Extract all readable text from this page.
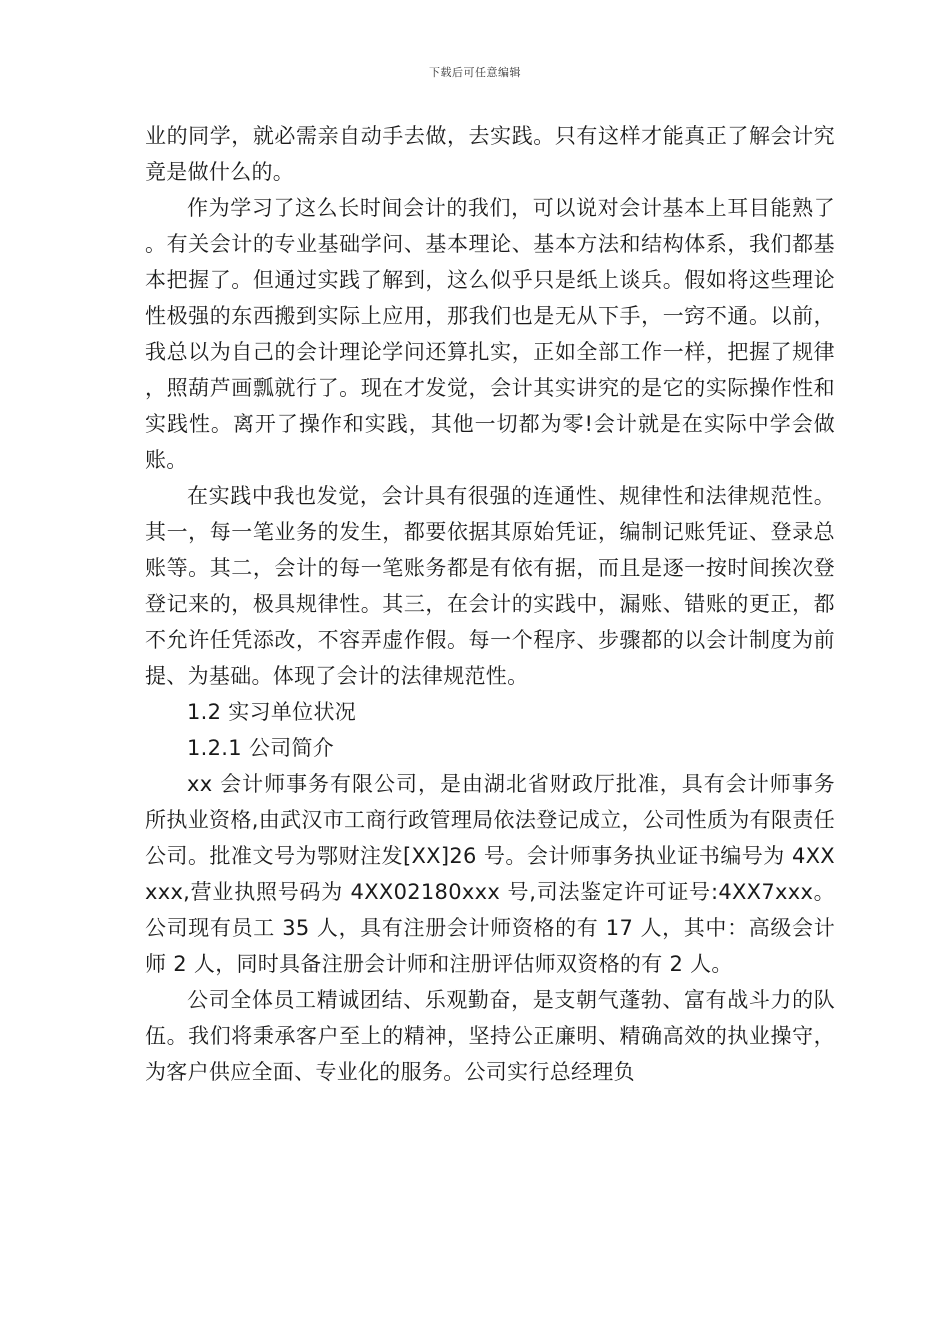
下载后可任意编辑

业的同学，就必需亲自动手去做，去实践。只有这样才能真正了解会计究竟是做什么的。

作为学习了这么长时间会计的我们，可以说对会计基本上耳目能熟了。有关会计的专业基础学问、基本理论、基本方法和结构体系，我们都基本把握了。但通过实践了解到，这么似乎只是纸上谈兵。假如将这些理论性极强的东西搬到实际上应用，那我们也是无从下手，一窍不通。以前，我总以为自己的会计理论学问还算扎实，正如全部工作一样，把握了规律，照葫芦画瓢就行了。现在才发觉，会计其实讲究的是它的实际操作性和实践性。离开了操作和实践，其他一切都为零!会计就是在实际中学会做账。

在实践中我也发觉，会计具有很强的连通性、规律性和法律规范性。其一，每一笔业务的发生，都要依据其原始凭证，编制记账凭证、登录总账等。其二，会计的每一笔账务都是有依有据，而且是逐一按时间挨次登登记来的，极具规律性。其三，在会计的实践中，漏账、错账的更正，都不允许任凭添改，不容弄虚作假。每一个程序、步骤都的以会计制度为前提、为基础。体现了会计的法律规范性。

1.2 实习单位状况

1.2.1 公司简介

xx 会计师事务有限公司，是由湖北省财政厅批准，具有会计师事务所执业资格,由武汉市工商行政管理局依法登记成立，公司性质为有限责任公司。批准文号为鄂财注发[XX]26 号。会计师事务执业证书编号为 4XXxxx,营业执照号码为 4XX02180xxx 号,司法鉴定许可证号:4XX7xxx。公司现有员工 35 人，具有注册会计师资格的有 17 人，其中：高级会计师 2 人，同时具备注册会计师和注册评估师双资格的有 2 人。

公司全体员工精诚团结、乐观勤奋，是支朝气蓬勃、富有战斗力的队伍。我们将秉承客户至上的精神，坚持公正廉明、精确高效的执业操守，为客户供应全面、专业化的服务。公司实行总经理负
